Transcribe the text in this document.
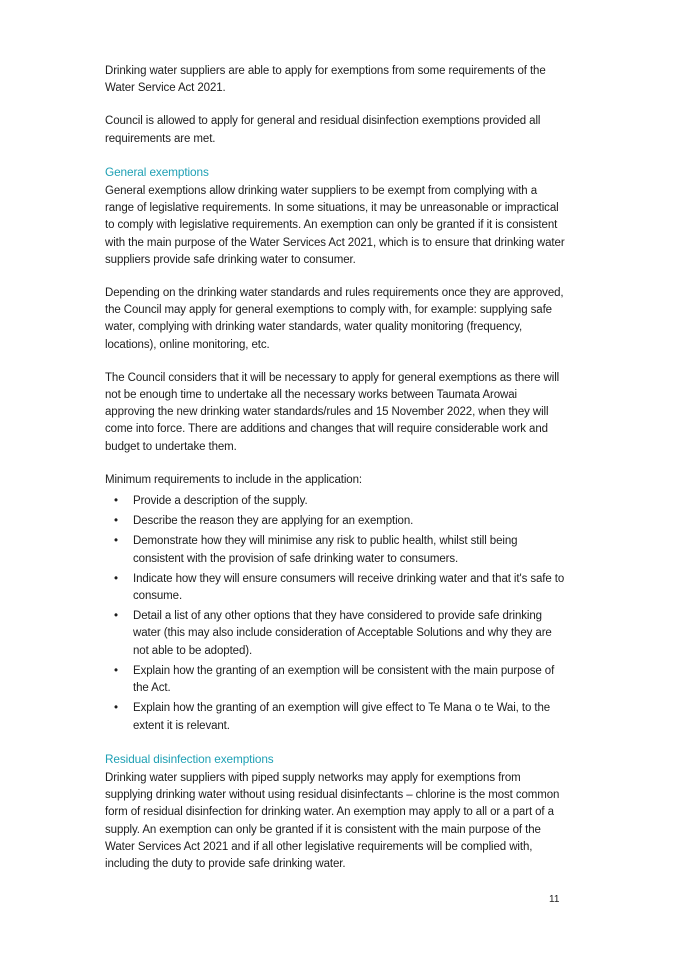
Drinking water suppliers are able to apply for exemptions from some requirements of the Water Service Act 2021.

Council is allowed to apply for general and residual disinfection exemptions provided all requirements are met.

General exemptions

General exemptions allow drinking water suppliers to be exempt from complying with a range of legislative requirements. In some situations, it may be unreasonable or impractical to comply with legislative requirements. An exemption can only be granted if it is consistent with the main purpose of the Water Services Act 2021, which is to ensure that drinking water suppliers provide safe drinking water to consumer.

Depending on the drinking water standards and rules requirements once they are approved, the Council may apply for general exemptions to comply with, for example: supplying safe water, complying with drinking water standards, water quality monitoring (frequency, locations), online monitoring, etc.

The Council considers that it will be necessary to apply for general exemptions as there will not be enough time to undertake all the necessary works between Taumata Arowai approving the new drinking water standards/rules and 15 November 2022, when they will come into force. There are additions and changes that will require considerable work and budget to undertake them.

Minimum requirements to include in the application:

• Provide a description of the supply.
• Describe the reason they are applying for an exemption.
• Demonstrate how they will minimise any risk to public health, whilst still being consistent with the provision of safe drinking water to consumers.
• Indicate how they will ensure consumers will receive drinking water and that it's safe to consume.
• Detail a list of any other options that they have considered to provide safe drinking water (this may also include consideration of Acceptable Solutions and why they are not able to be adopted).
• Explain how the granting of an exemption will be consistent with the main purpose of the Act.
• Explain how the granting of an exemption will give effect to Te Mana o te Wai, to the extent it is relevant.
Residual disinfection exemptions

Drinking water suppliers with piped supply networks may apply for exemptions from supplying drinking water without using residual disinfectants – chlorine is the most common form of residual disinfection for drinking water. An exemption may apply to all or a part of a supply. An exemption can only be granted if it is consistent with the main purpose of the Water Services Act 2021 and if all other legislative requirements will be complied with, including the duty to provide safe drinking water.

11
